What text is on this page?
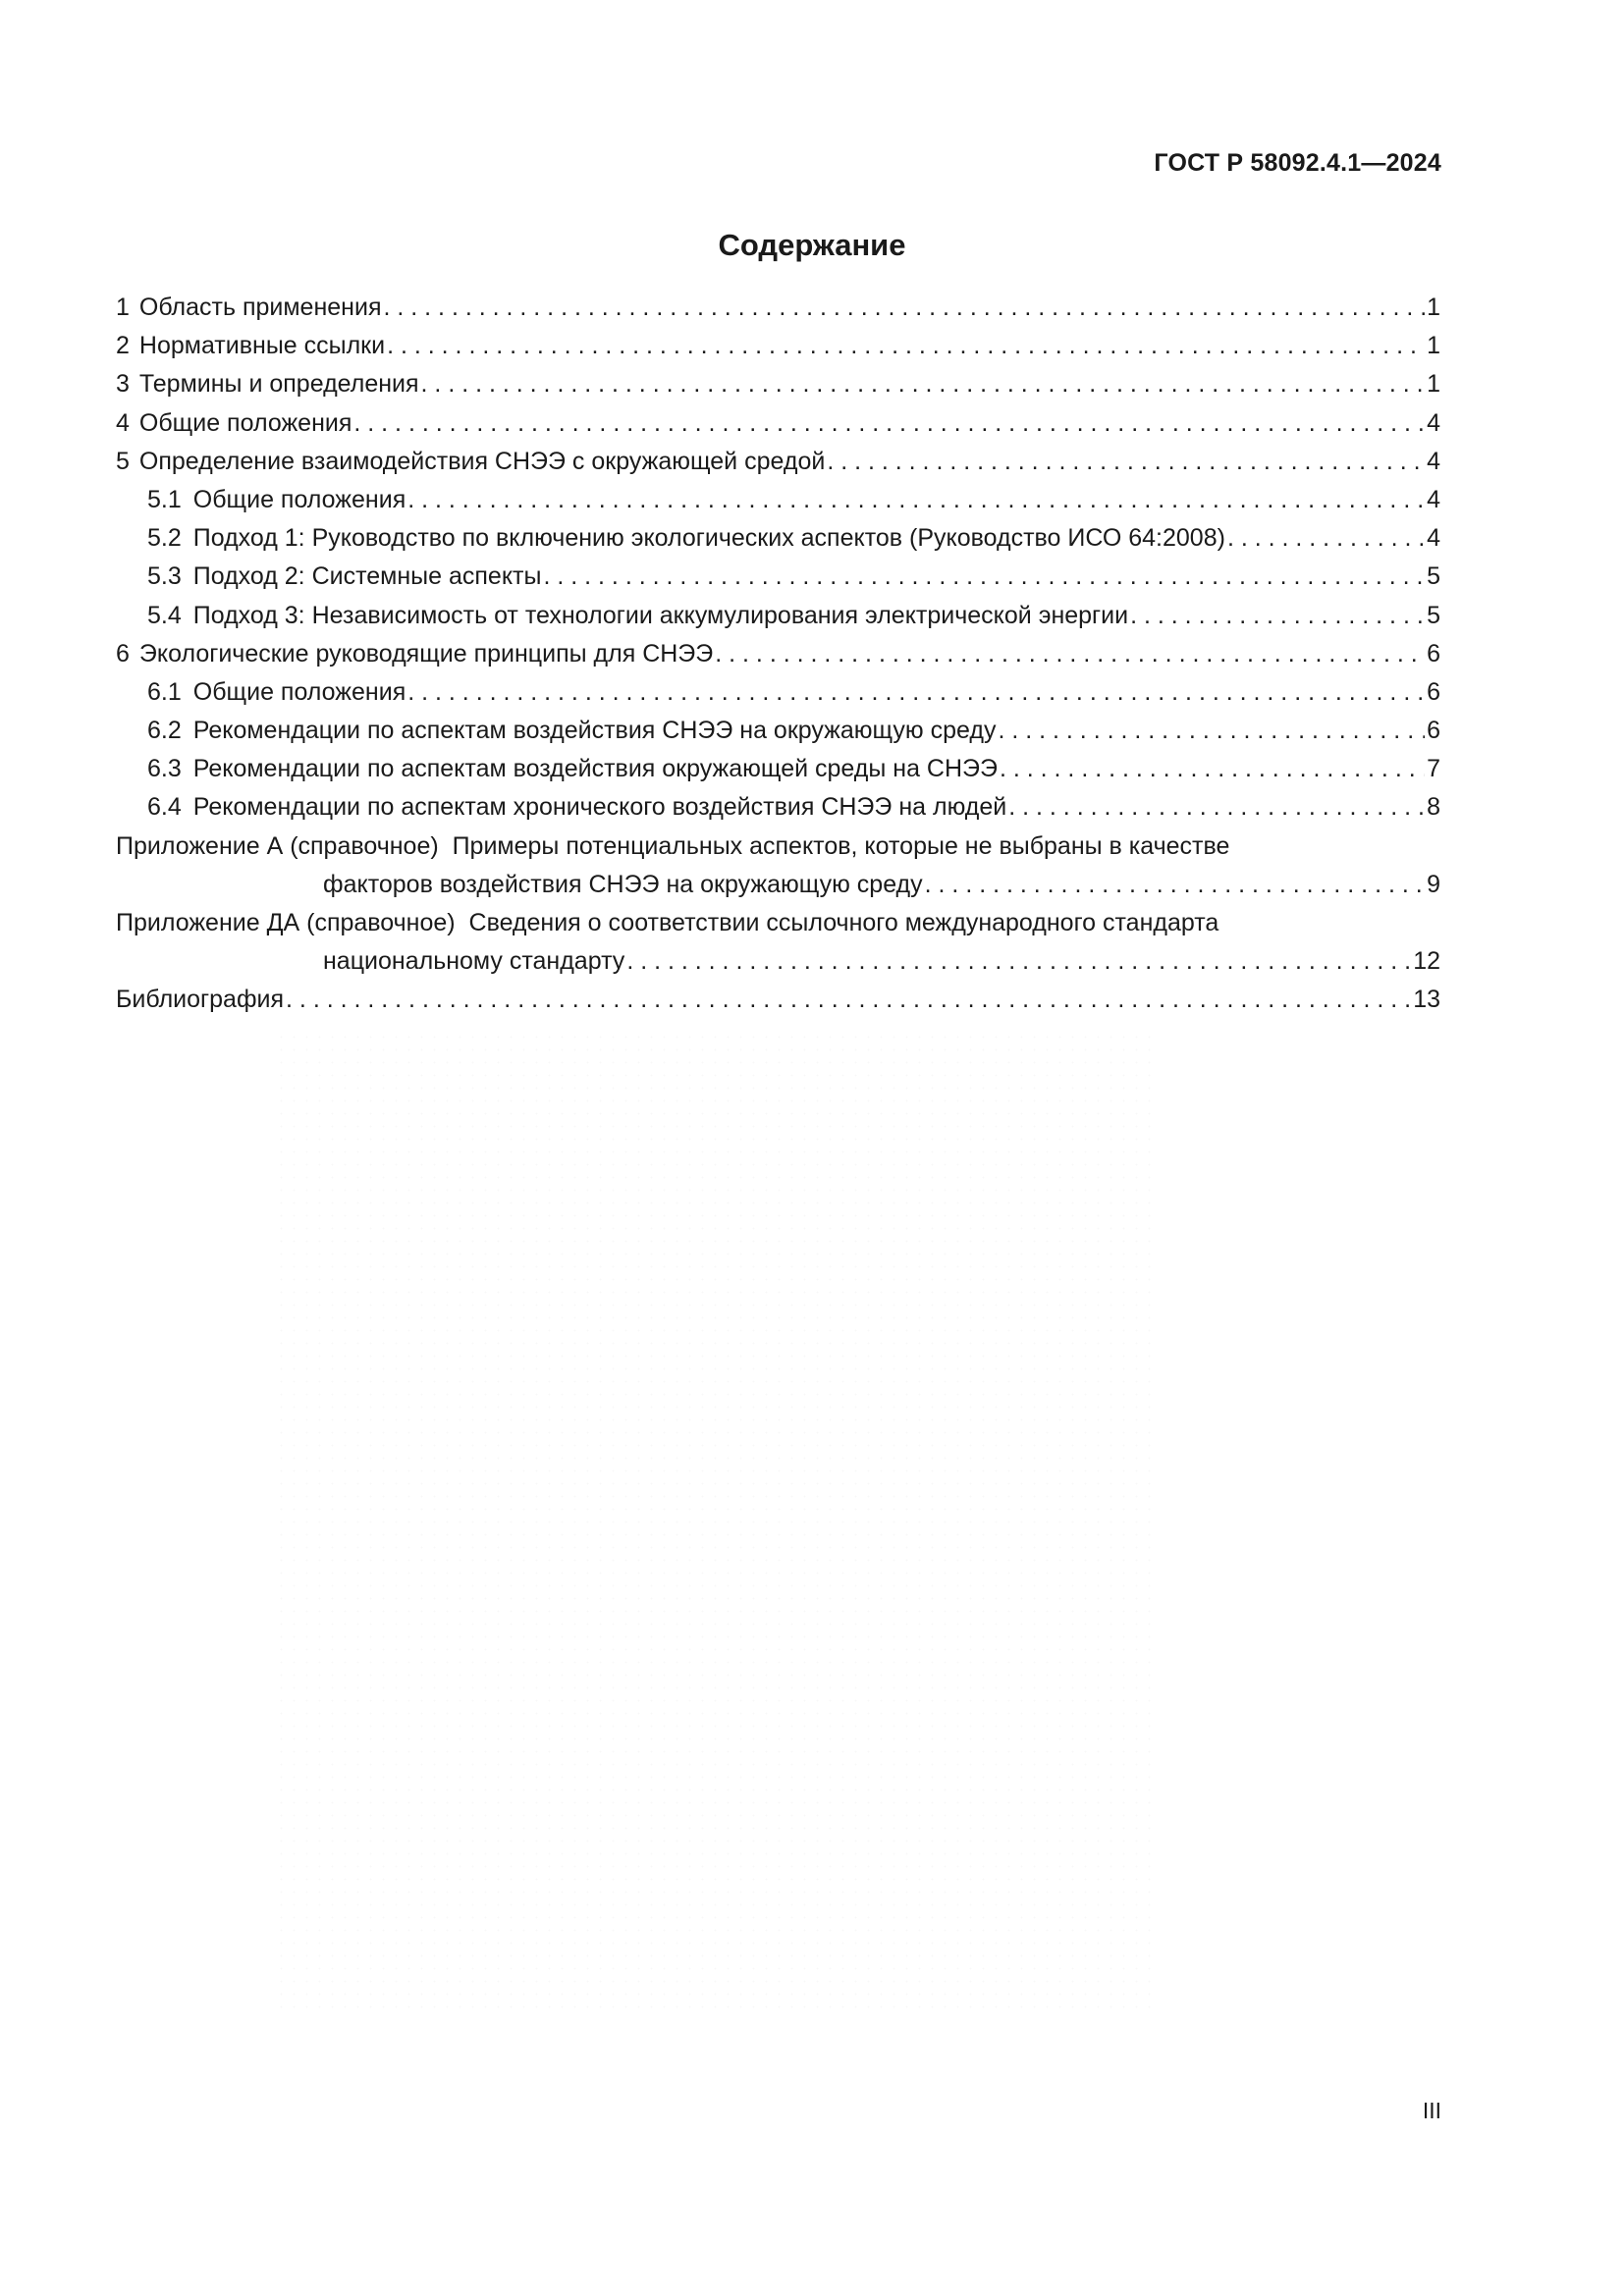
ГОСТ Р 58092.4.1—2024
Содержание
1 Область применения . . .	1
2 Нормативные ссылки . . .	1
3 Термины и определения . . .	1
4 Общие положения . . .	4
5 Определение взаимодействия СНЭЭ с окружающей средой . . .	4
5.1 Общие положения . . .	4
5.2 Подход 1: Руководство по включению экологических аспектов (Руководство ИСО 64:2008) . . .	4
5.3 Подход 2: Системные аспекты . . .	5
5.4 Подход 3: Независимость от технологии аккумулирования электрической энергии . . .	5
6 Экологические руководящие принципы для СНЭЭ . . .	6
6.1 Общие положения . . .	6
6.2 Рекомендации по аспектам воздействия СНЭЭ на окружающую среду . . .	6
6.3 Рекомендации по аспектам воздействия окружающей среды на СНЭЭ . . .	7
6.4 Рекомендации по аспектам хронического воздействия СНЭЭ на людей . . .	8
Приложение А (справочное)  Примеры потенциальных аспектов, которые не выбраны в качестве
факторов воздействия СНЭЭ на окружающую среду . . .	9
Приложение ДА (справочное)  Сведения о соответствии ссылочного международного стандарта
национальному стандарту . . .	12
Библиография . . .	13
III
